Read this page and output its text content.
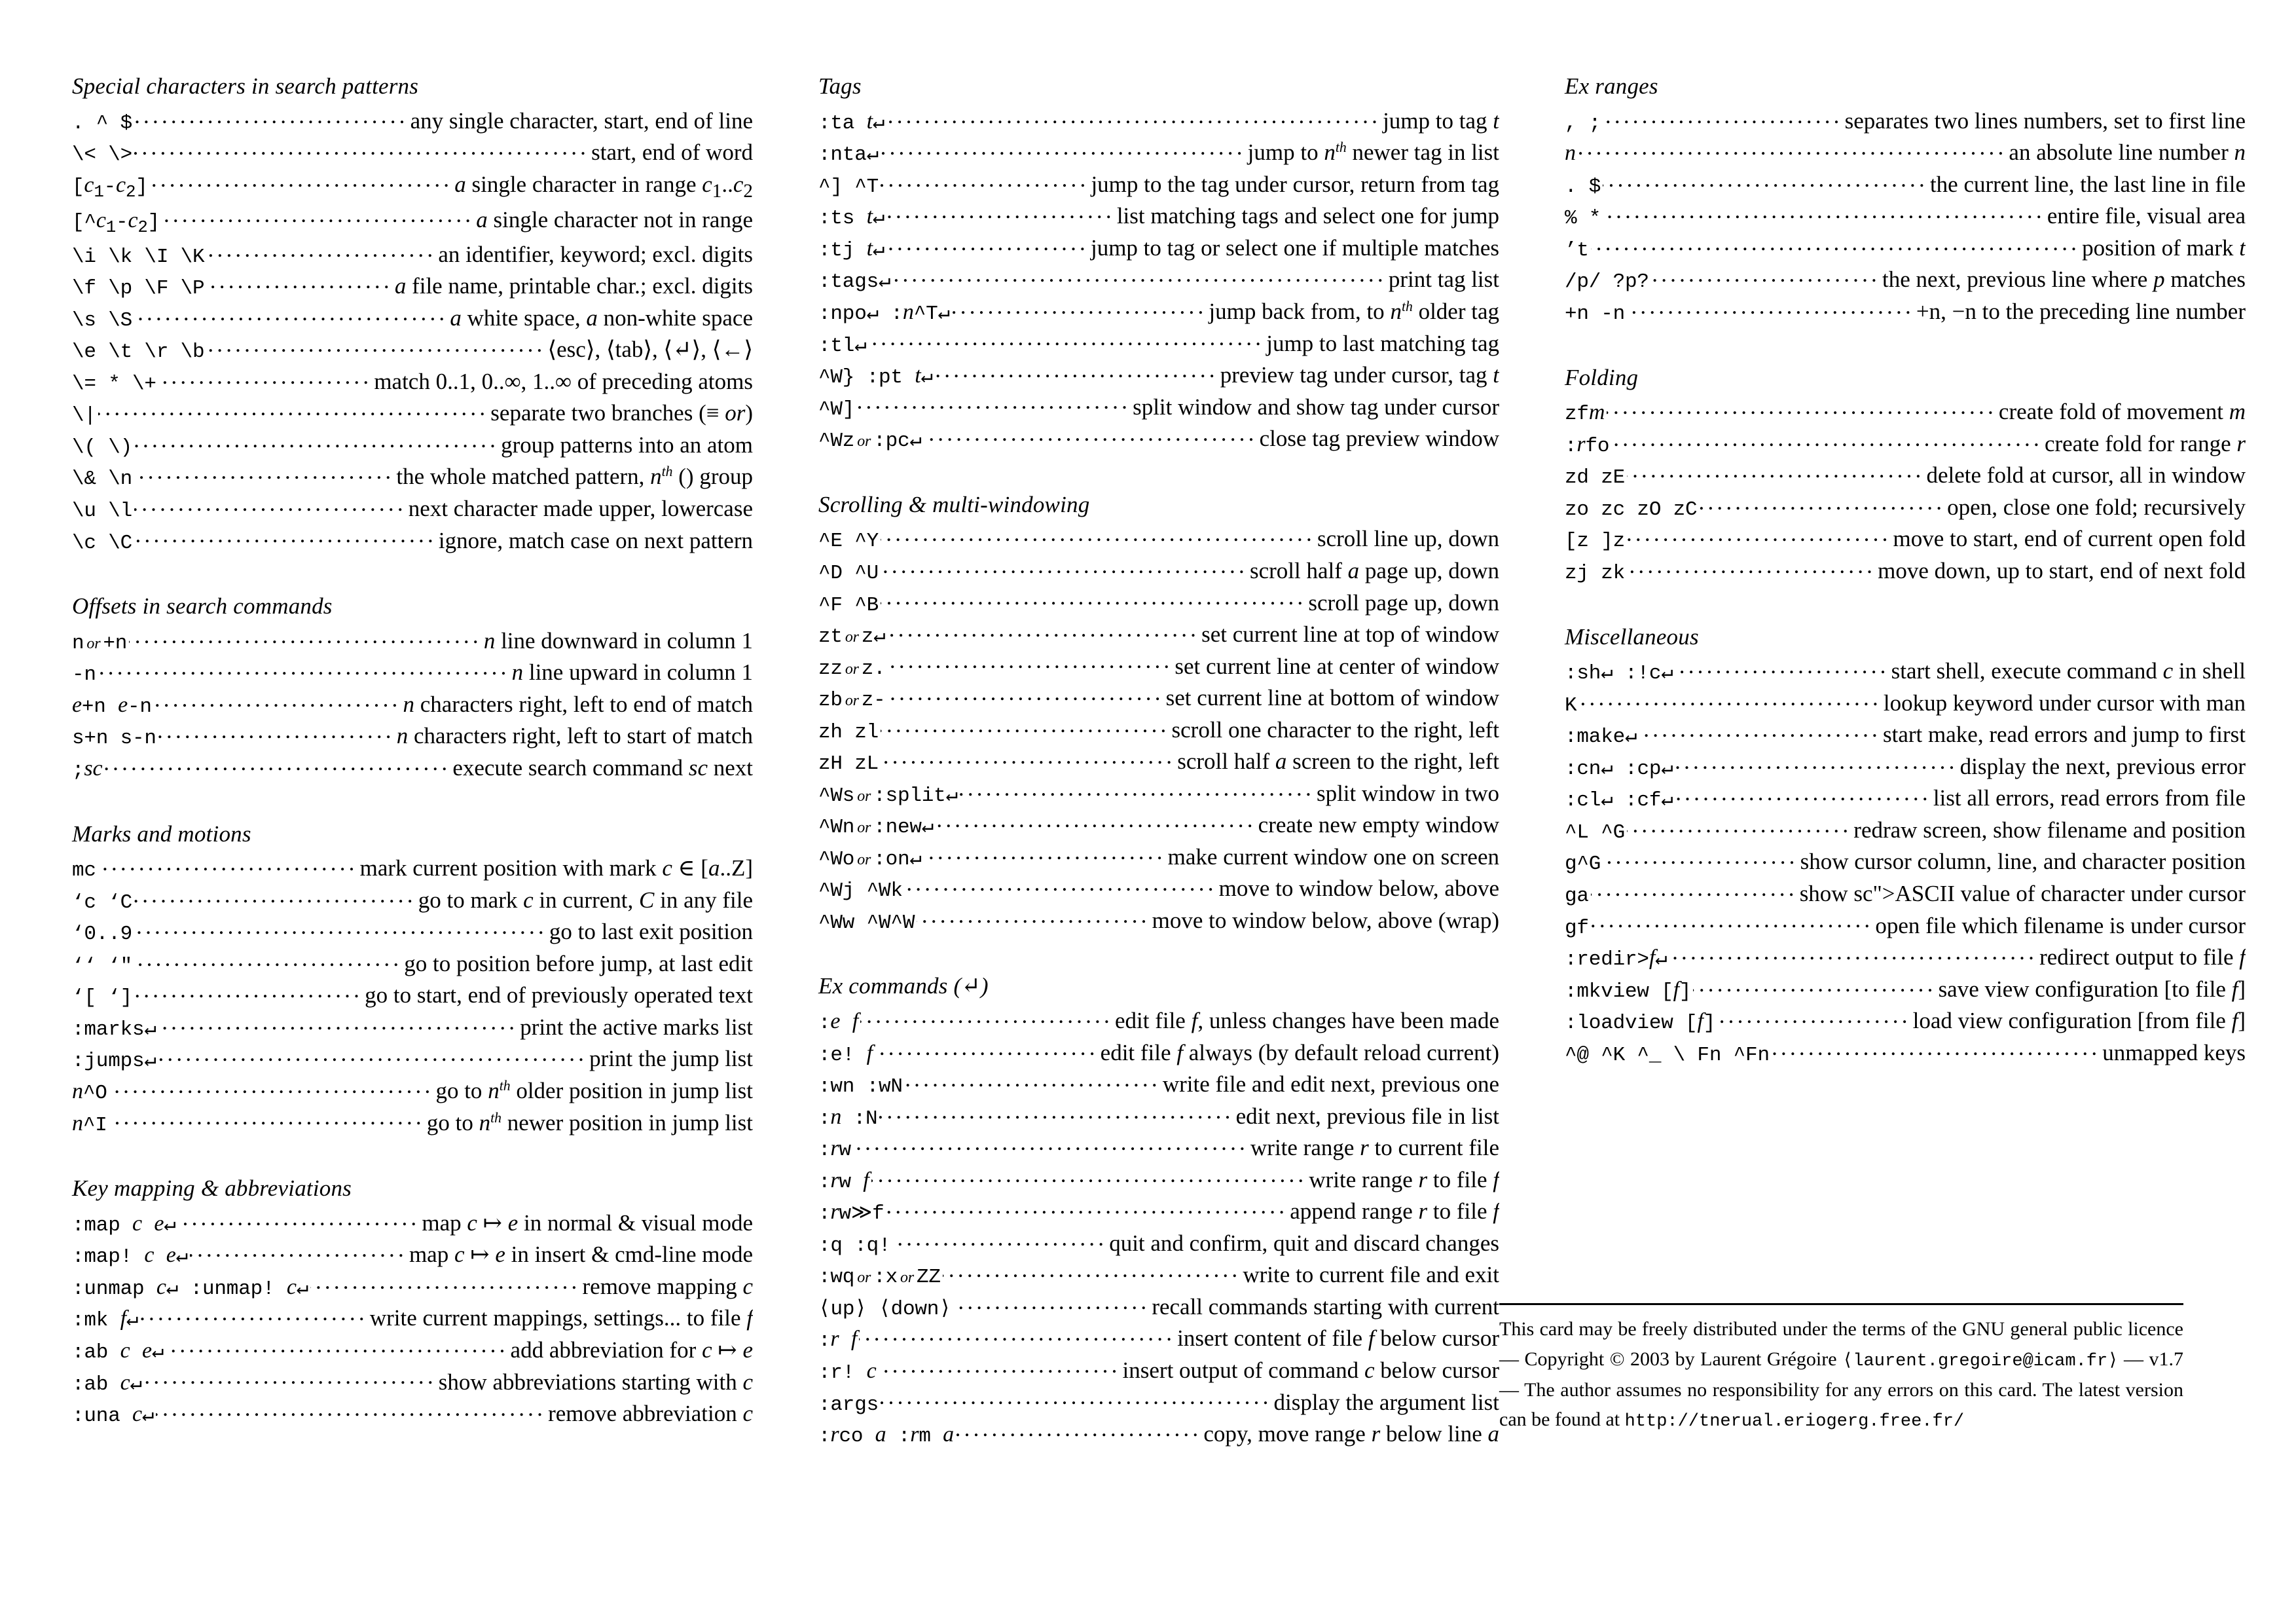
Special characters in search patterns
. ^ $ .....	any single character, start, end of line
\< \> .....	start, end of word
$[c_1-c_2]$ .....	a single character in range $c_1..c_2$
$[\^{}c_1-c_2]$ .....	a single character not in range
\i \k \I \K .....	an identifier, keyword; excl. digits
\f \p \F \P .....	a file name, printable char.; excl. digits
\s \S .....	a white space, a non-white space
\e \t \r \b .....	⟨esc⟩, ⟨tab⟩, ⟨↵⟩, ⟨←⟩
\= * \+ .....	match 0..1, 0..∞, 1..∞ of preceding atoms
\| .....	separate two branches (≡ or)
\( \) .....	group patterns into an atom
\& \n .....	the whole matched pattern, $n^{th}$ () group
\u \l .....	next character made upper, lowercase
\c \C .....	ignore, match case on next pattern
Offsets in search commands
n or +n .....	n line downward in column 1
-n .....	n line upward in column 1
e+n e-n .....	n characters right, left to end of match
s+n s-n .....	n characters right, left to start of match
;sc .....	execute search command sc next
Marks and motions
mc .....	mark current position with mark c ∈ [a..Z]
‘c ‘C .....	go to mark c in current, C in any file
‘0..9 .....	go to last exit position
‘‘ ‘" .....	go to position before jump, at last edit
‘[ ‘] .....	go to start, end of previously operated text
:marks↵ .....	print the active marks list
:jumps↵ .....	print the jump list
n^O .....	go to $n^{th}$ older position in jump list
n^I .....	go to $n^{th}$ newer position in jump list
Key mapping & abbreviations
:map c e↵ .....	map c ↦ e in normal & visual mode
:map! c e↵ .....	map c ↦ e in insert & cmd-line mode
:unmap c↵ :unmap! c↵ .....	remove mapping c
:mk f↵ .....	write current mappings, settings... to file f
:ab c e↵ .....	add abbreviation for c ↦ e
:ab c↵ .....	show abbreviations starting with c
:una c↵ .....	remove abbreviation c
Tags
:ta t↵ .....	jump to tag t
:nta↵ .....	jump to $n^{th}$ newer tag in list
^] ^T .....	jump to the tag under cursor, return from tag
:ts t↵ .....	list matching tags and select one for jump
:tj t↵ .....	jump to tag or select one if multiple matches
:tags↵ .....	print tag list
:npo↵ :n^T↵ .....	jump back from, to $n^{th}$ older tag
:tl↵ .....	jump to last matching tag
^W} :pt t↵ .....	preview tag under cursor, tag t
^W] .....	split window and show tag under cursor
^Wz or :pc↵ .....	close tag preview window
Scrolling & multi-windowing
^E ^Y .....	scroll line up, down
^D ^U .....	scroll half a page up, down
^F ^B .....	scroll page up, down
zt or z↵ .....	set current line at top of window
zz or z. .....	set current line at center of window
zb or z- .....	set current line at bottom of window
zh zl .....	scroll one character to the right, left
zH zL .....	scroll half a screen to the right, left
^Ws or :split↵ .....	split window in two
^Wn or :new↵ .....	create new empty window
^Wo or :on↵ .....	make current window one on screen
^Wj ^Wk .....	move to window below, above
^Ww ^W^W .....	move to window below, above (wrap)
Ex commands (↵)
:e f .....	edit file f, unless changes have been made
:e! f .....	edit file f always (by default reload current)
:wn :wN .....	write file and edit next, previous one
:n :N .....	edit next, previous file in list
:rw .....	write range r to current file
:rw f .....	write range r to file f
:rw≫f .....	append range r to file f
:q :q! .....	quit and confirm, quit and discard changes
:wq or :x or ZZ .....	write to current file and exit
⟨up⟩ ⟨down⟩ .....	recall commands starting with current
:r f .....	insert content of file f below cursor
:r! c .....	insert output of command c below cursor
:args .....	display the argument list
:rco a :rm a .....	copy, move range r below line a
Ex ranges
, ; .....	separates two lines numbers, set to first line
n .....	an absolute line number n
. $ .....	the current line, the last line in file
% * .....	entire file, visual area
’t .....	position of mark t
/p/ ?p? .....	the next, previous line where p matches
+n -n .....	+n, −n to the preceding line number
Folding
zfm .....	create fold of movement m
:rfo .....	create fold for range r
zd zE .....	delete fold at cursor, all in window
zo zc zO zC .....	open, close one fold; recursively
[z ]z .....	move to start, end of current open fold
zj zk .....	move down, up to start, end of next fold
Miscellaneous
:sh↵ :!c↵ .....	start shell, execute command c in shell
K .....	lookup keyword under cursor with man
:make↵ .....	start make, read errors and jump to first
:cn↵ :cp↵ .....	display the next, previous error
:cl↵ :cf↵ .....	list all errors, read errors from file
^L ^G .....	redraw screen, show filename and position
g^G .....	show cursor column, line, and character position
ga .....	show sc">ASCII value of character under cursor
gf .....	open file which filename is under cursor
:redir>f↵ .....	redirect output to file f
:mkview [f] .....	save view configuration [to file f]
:loadview [f] .....	load view configuration [from file f]
^@ ^K ^_ \ Fn ^Fn .....	unmapped keys
This card may be freely distributed under the terms of the GNU general public licence — Copyright © 2003 by Laurent Grégoire ⟨laurent.gregoire@icam.fr⟩ — v1.7 — The author assumes no responsibility for any errors on this card. The latest version can be found at http://tnerual.eriogerg.free.fr/
